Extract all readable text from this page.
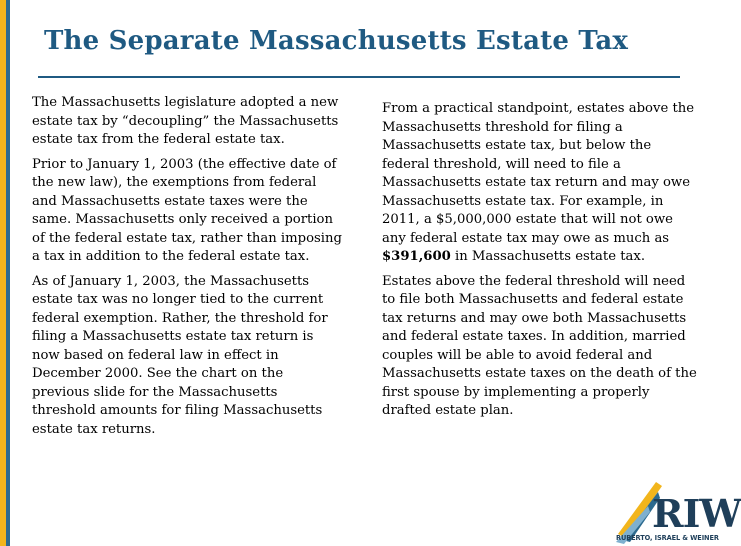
The Separate Massachusetts Estate Tax

The Massachusetts legislature adopted a new estate tax by “decoupling” the Massachusetts estate tax from the federal estate tax.

Prior to January 1, 2003 (the effective date of the new law), the exemptions from federal and Massachusetts estate taxes were the same. Massachusetts only received a portion of the federal estate tax, rather than imposing a tax in addition to the federal estate tax.

As of January 1, 2003, the Massachusetts estate tax was no longer tied to the current federal exemption. Rather, the threshold for filing a Massachusetts estate tax return is now based on federal law in effect in December 2000. See the chart on the previous slide for the Massachusetts threshold amounts for filing Massachusetts estate tax returns.

From a practical standpoint, estates above the Massachusetts threshold for filing a Massachusetts estate tax, but below the federal threshold, will need to file a Massachusetts estate tax return and may owe Massachusetts estate tax. For example, in 2011, a $5,000,000 estate that will not owe any federal estate tax may owe as much as $391,600 in Massachusetts estate tax.

Estates above the federal threshold will need to file both Massachusetts and federal estate tax returns and may owe both Massachusetts and federal estate taxes. In addition, married couples will be able to avoid federal and Massachusetts estate taxes on the death of the first spouse by implementing a properly drafted estate plan.

RIW
RUBERTO, ISRAEL & WEINER
